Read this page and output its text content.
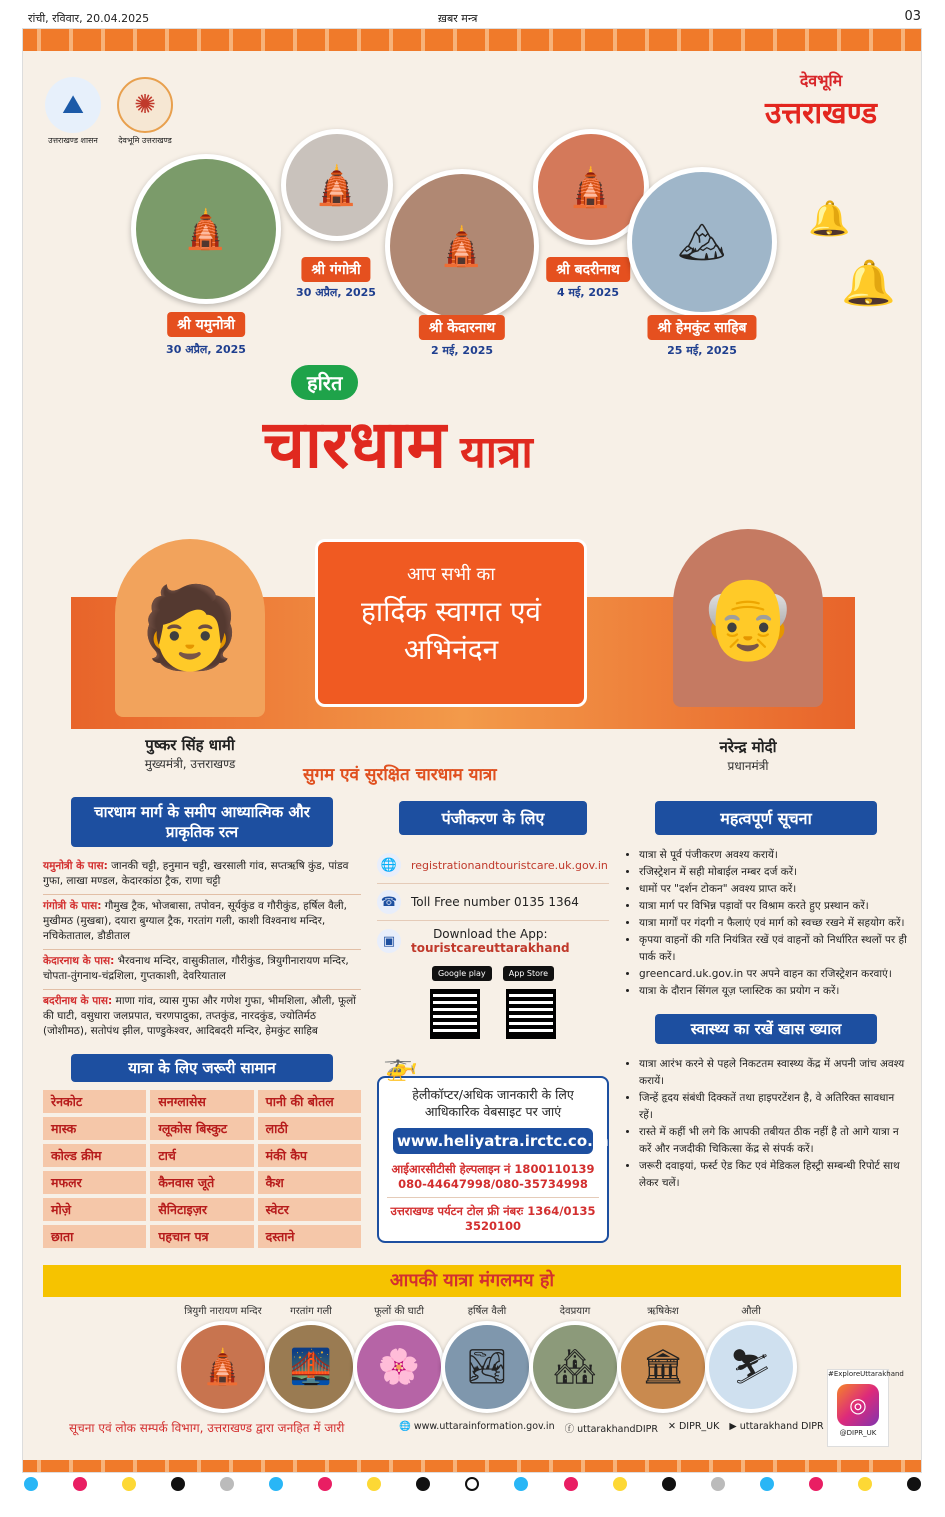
रांची, रविवार, 20.04.2025	ख़बर मन्त्र	03
⛰
उत्तराखण्ड शासन
✺
देवभूमि उत्तराखण्ड
देवभूमि
उत्तराखण्ड
🔔
🔔
🛕
श्री यमुनोत्री
30 अप्रैल, 2025
🛕
श्री गंगोत्री
30 अप्रैल, 2025
🛕
श्री केदारनाथ
2 मई, 2025
🛕
श्री बदरीनाथ
4 मई, 2025
🏔
श्री हेमकुंट साहिब
25 मई, 2025
हरित
चारधाम यात्रा
🧑
पुष्कर सिंह धामी
मुख्यमंत्री, उत्तराखण्ड
आप सभी का
हार्दिक स्वागत एवं
अभिनंदन	👴
नरेन्द्र मोदी
प्रधानमंत्री
सुगम एवं सुरक्षित चारधाम यात्रा
चारधाम मार्ग के समीप आध्यात्मिक और प्राकृतिक रत्न
यमुनोत्री के पास: जानकी चट्टी, हनुमान चट्टी, खरसाली गांव, सप्तऋषि कुंड, पांडव गुफा, लाखा मण्डल, केदारकांठा ट्रैक, राणा चट्टी
गंगोत्री के पास: गौमुख ट्रैक, भोजबासा, तपोवन, सूर्यकुंड व गौरीकुंड, हर्षिल वैली, मुखीमठ (मुखबा), दयारा बुग्याल ट्रैक, गरतांग गली, काशी विश्वनाथ मन्दिर, नचिकेताताल, डौडीताल
केदारनाथ के पास: भैरवनाथ मन्दिर, वासुकीताल, गौरीकुंड, त्रियुगीनारायण मन्दिर, चोपता-तुंगनाथ-चंद्रशिला, गुप्तकाशी, देवरियाताल
बदरीनाथ के पास: माणा गांव, व्यास गुफा और गणेश गुफा, भीमशिला, औली, फूलों की घाटी, वसुधारा जलप्रपात, चरणपादुका, तप्तकुंड, नारदकुंड, ज्योतिर्मठ (जोशीमठ), सतोपंथ झील, पाण्डुकेश्वर, आदिबदरी मन्दिर, हेमकुंट साहिब
यात्रा के लिए जरूरी सामान
रेनकोट	सनग्लासेस	पानी की बोतल
मास्क	ग्लूकोस बिस्कुट	लाठी
कोल्ड क्रीम	टार्च	मंकी कैप
मफलर	कैनवास जूते	कैश
मोज़े	सैनिटाइज़र	स्वेटर
छाता	पहचान पत्र	दस्ताने
पंजीकरण के लिए
🌐	registrationandtouristcare.uk.gov.in
☎	Toll Free number 0135 1364
▣	Download the App:
touristcareuttarakhand
Google play	App Store

🚁
हेलीकॉप्टर/अधिक जानकारी के लिए आधिकारिक वेबसाइट पर जाएं
www.heliyatra.irctc.co.in
आईआरसीटीसी हेल्पलाइन नं 1800110139 080-44647998/080-35734998
उत्तराखण्ड पर्यटन टोल फ्री नंबरः 1364/0135 3520100
महत्वपूर्ण सूचना
• यात्रा से पूर्व पंजीकरण अवश्य करायें।
• रजिस्ट्रेशन में सही मोबाईल नम्बर दर्ज करें।
• धामों पर "दर्शन टोकन" अवश्य प्राप्त करें।
• यात्रा मार्ग पर विभिन्न पड़ावों पर विश्राम करते हुए प्रस्थान करें।
• यात्रा मार्गों पर गंदगी न फैलाएं एवं मार्ग को स्वच्छ रखने में सहयोग करें।
• कृपया वाहनों की गति नियंत्रित रखें एवं वाहनों को निर्धारित स्थलों पर ही पार्क करें।
• greencard.uk.gov.in पर अपने वाहन का रजिस्ट्रेशन करवाएं।
• यात्रा के दौरान सिंगल यूज़ प्लास्टिक का प्रयोग न करें।
स्वास्थ्य का रखें खास ख्याल
• यात्रा आरंभ करने से पहले निकटतम स्वास्थ्य केंद्र में अपनी जांच अवश्य करायें।
• जिन्हें हृदय संबंधी दिक्कतें तथा हाइपरटेंशन है, वे अतिरिक्त सावधान रहें।
• रास्ते में कहीं भी लगे कि आपकी तबीयत ठीक नहीं है तो आगे यात्रा न करें और नजदीकी चिकित्सा केंद्र से संपर्क करें।
• जरूरी दवाइयां, फर्स्ट ऐड किट एवं मेडिकल हिस्ट्री सम्बन्धी रिपोर्ट साथ लेकर चलें।
आपकी यात्रा मंगलमय हो
त्रियुगी नारायण मन्दिर
🛕
गरतांग गली
🌉
फूलों की घाटी
🌸
हर्षिल वैली
🏞
देवप्रयाग
🏘
ऋषिकेश
🏛
औली
⛷	#ExploreUttarakhand
◎
@DIPR_UK
सूचना एवं लोक सम्पर्क विभाग, उत्तराखण्ड द्वारा जनहित में जारी	🌐 www.uttarainformation.gov.in ⓕ uttarakhandDIPR ✕ DIPR_UK ▶ uttarakhand DIPR
